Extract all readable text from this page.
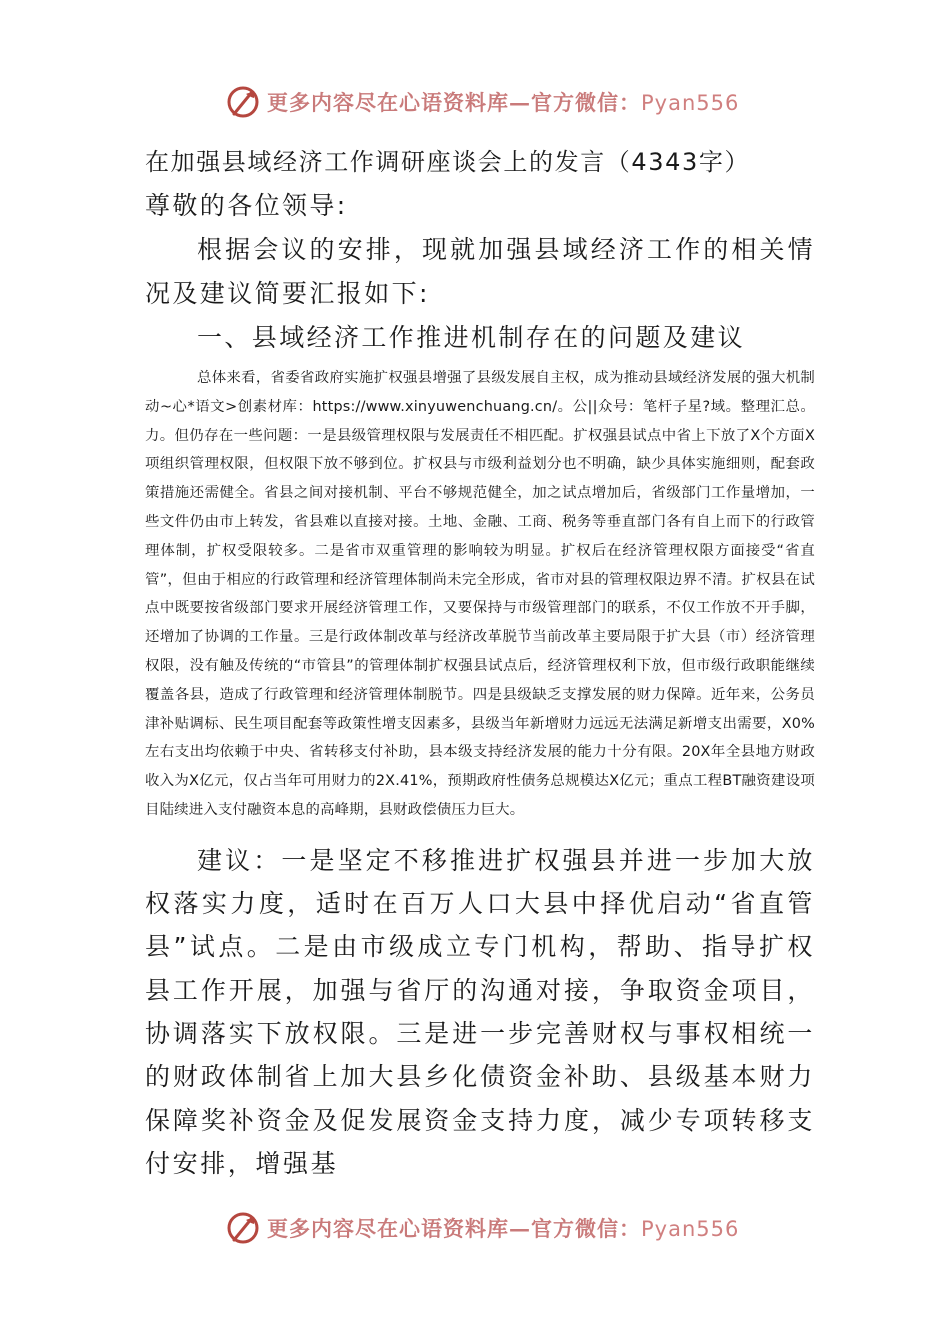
更多内容尽在心语资料库—官方微信：Pyan556

在加强县域经济工作调研座谈会上的发言（4343字）

尊敬的各位领导:

根据会议的安排，现就加强县域经济工作的相关情况及建议简要汇报如下:

一、县域经济工作推进机制存在的问题及建议

总体来看，省委省政府实施扩权强县增强了县级发展自主权，成为推动县域经济发展的强大机制动~心*语文>创素材库：https://www.xinyuwenchuang.cn/。公||众号：笔杆子星?域。整理汇总。力。但仍存在一些问题：一是县级管理权限与发展责任不相匹配。扩权强县试点中省上下放了X个方面X项组织管理权限，但权限下放不够到位。扩权县与市级利益划分也不明确，缺少具体实施细则，配套政策措施还需健全。省县之间对接机制、平台不够规范健全，加之试点增加后，省级部门工作量增加，一些文件仍由市上转发，省县难以直接对接。土地、金融、工商、税务等垂直部门各有自上而下的行政管理体制，扩权受限较多。二是省市双重管理的影响较为明显。扩权后在经济管理权限方面接受“省直管”，但由于相应的行政管理和经济管理体制尚未完全形成，省市对县的管理权限边界不清。扩权县在试点中既要按省级部门要求开展经济管理工作，又要保持与市级管理部门的联系，不仅工作放不开手脚，还增加了协调的工作量。三是行政体制改革与经济改革脱节当前改革主要局限于扩大县（市）经济管理权限，没有触及传统的“市管县”的管理体制扩权强县试点后，经济管理权利下放，但市级行政职能继续覆盖各县，造成了行政管理和经济管理体制脱节。四是县级缺乏支撑发展的财力保障。近年来，公务员津补贴调标、民生项目配套等政策性增支因素多，县级当年新增财力远远无法满足新增支出需要，X0%左右支出均依赖于中央、省转移支付补助，县本级支持经济发展的能力十分有限。20X年全县地方财政收入为X亿元，仅占当年可用财力的2X.41%，预期政府性债务总规模达X亿元；重点工程BT融资建设项目陆续进入支付融资本息的高峰期，县财政偿债压力巨大。

建议：一是坚定不移推进扩权强县并进一步加大放权落实力度，适时在百万人口大县中择优启动“省直管县”试点。二是由市级成立专门机构，帮助、指导扩权县工作开展，加强与省厅的沟通对接，争取资金项目，协调落实下放权限。三是进一步完善财权与事权相统一的财政体制省上加大县乡化债资金补助、县级基本财力保障奖补资金及促发展资金支持力度，减少专项转移支付安排，增强基

更多内容尽在心语资料库—官方微信：Pyan556
